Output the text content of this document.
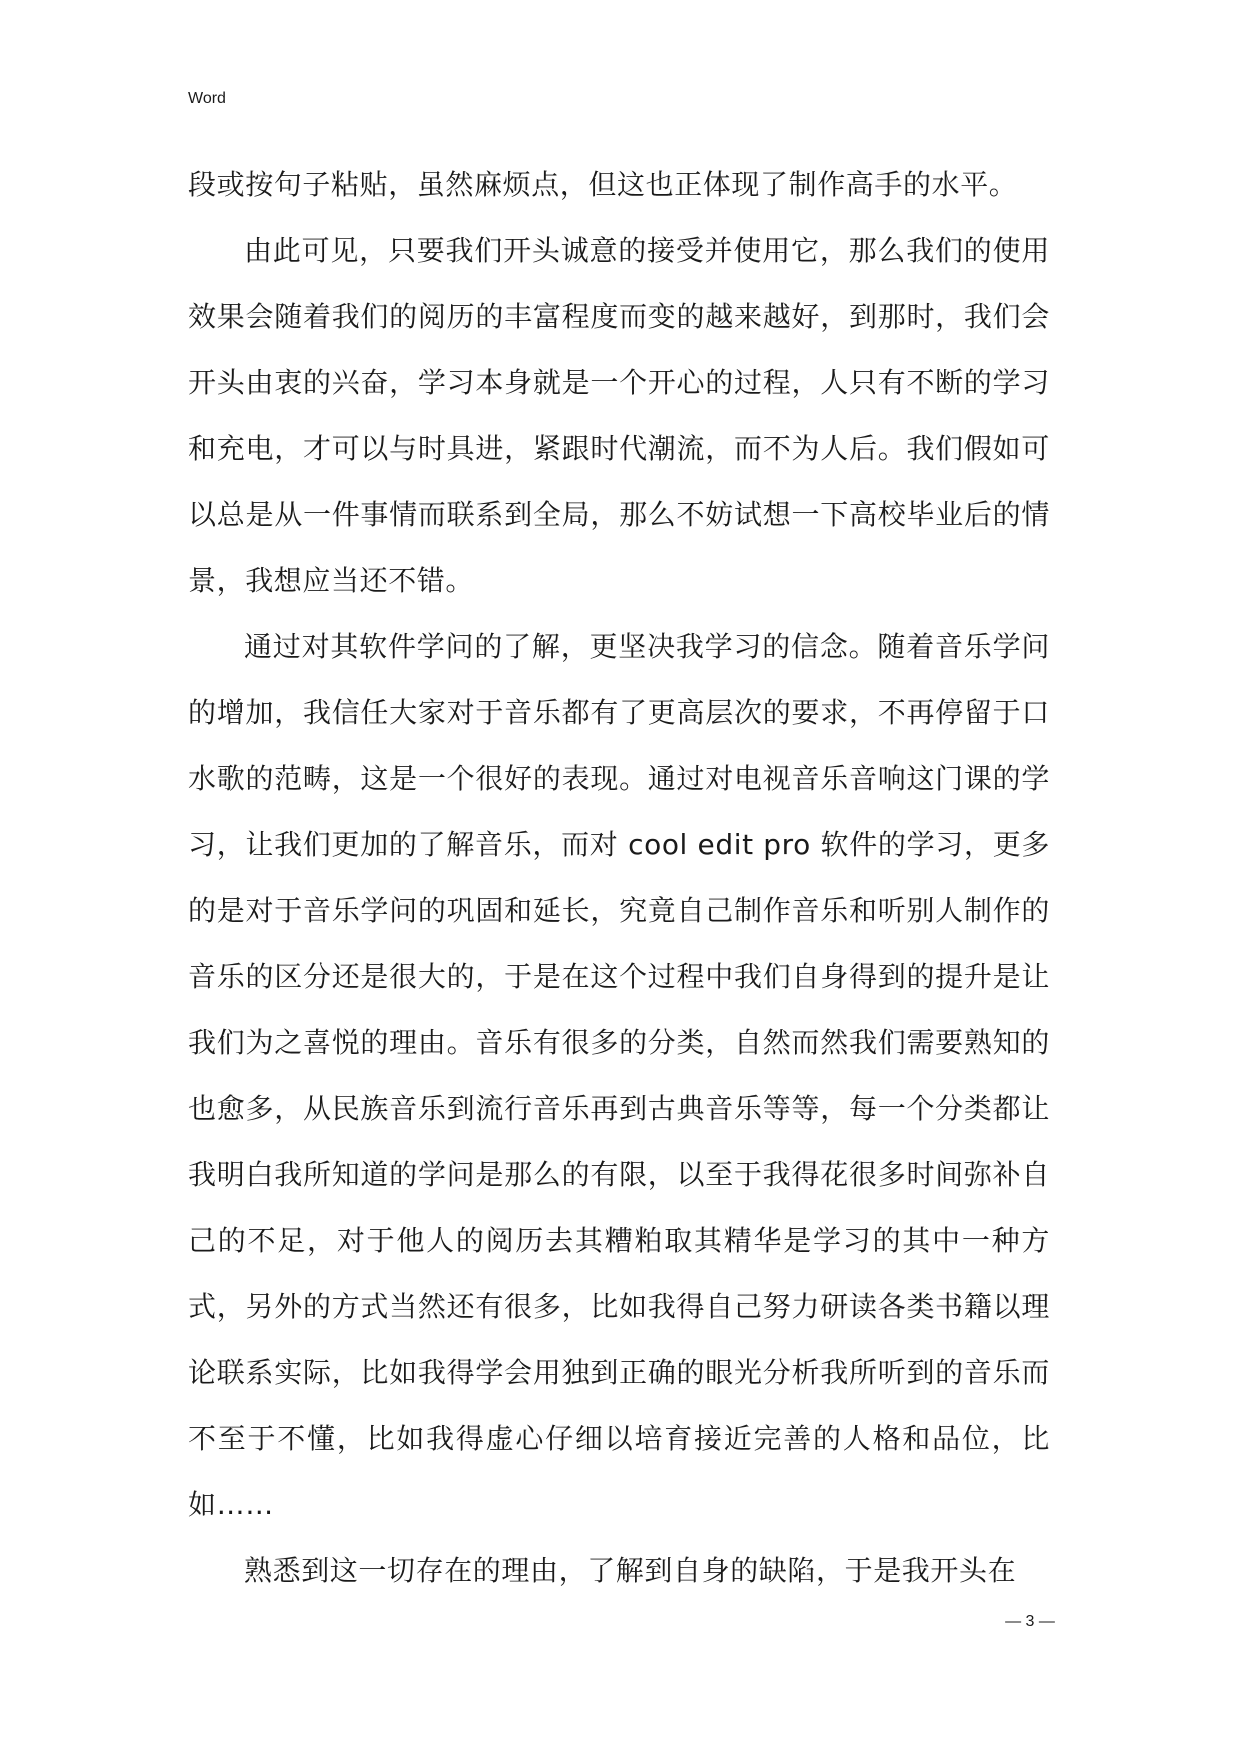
Word

段或按句子粘贴，虽然麻烦点，但这也正体现了制作高手的水平。

由此可见，只要我们开头诚意的接受并使用它，那么我们的使用效果会随着我们的阅历的丰富程度而变的越来越好，到那时，我们会开头由衷的兴奋，学习本身就是一个开心的过程，人只有不断的学习和充电，才可以与时具进，紧跟时代潮流，而不为人后。我们假如可以总是从一件事情而联系到全局，那么不妨试想一下高校毕业后的情景，我想应当还不错。

通过对其软件学问的了解，更坚决我学习的信念。随着音乐学问的增加，我信任大家对于音乐都有了更高层次的要求，不再停留于口水歌的范畴，这是一个很好的表现。通过对电视音乐音响这门课的学习，让我们更加的了解音乐，而对 cool edit pro 软件的学习，更多的是对于音乐学问的巩固和延长，究竟自己制作音乐和听别人制作的音乐的区分还是很大的，于是在这个过程中我们自身得到的提升是让我们为之喜悦的理由。音乐有很多的分类，自然而然我们需要熟知的也愈多，从民族音乐到流行音乐再到古典音乐等等，每一个分类都让我明白我所知道的学问是那么的有限，以至于我得花很多时间弥补自己的不足，对于他人的阅历去其糟粕取其精华是学习的其中一种方式，另外的方式当然还有很多，比如我得自己努力研读各类书籍以理论联系实际，比如我得学会用独到正确的眼光分析我所听到的音乐而不至于不懂，比如我得虚心仔细以培育接近完善的人格和品位，比如……

熟悉到这一切存在的理由，了解到自身的缺陷，于是我开头在

— 3 —
